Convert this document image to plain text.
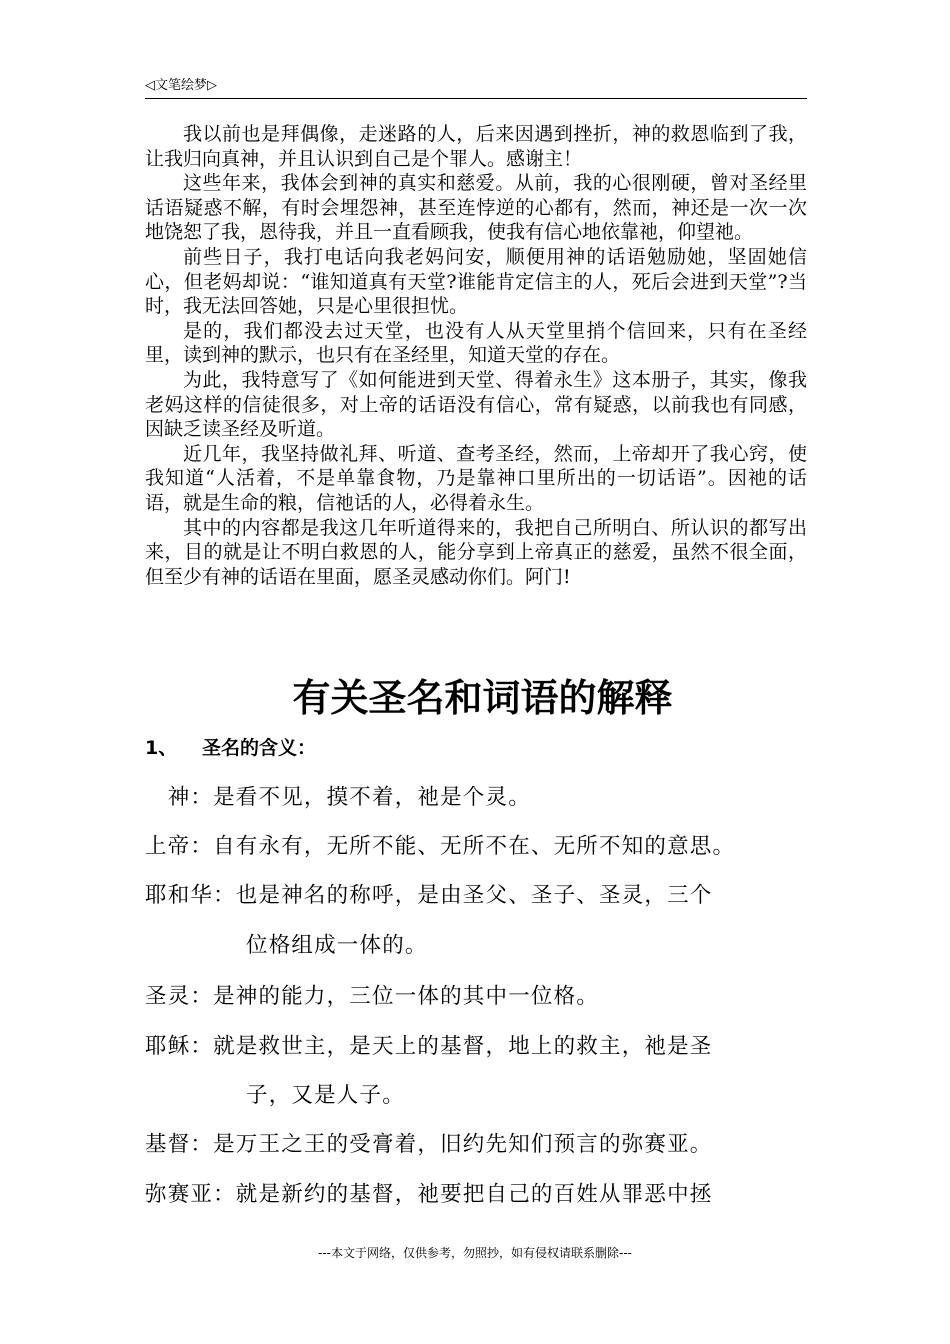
◁文笔绘梦▷

我以前也是拜偶像，走迷路的人，后来因遇到挫折，神的救恩临到了我，让我归向真神，并且认识到自己是个罪人。感谢主！

这些年来，我体会到神的真实和慈爱。从前，我的心很刚硬，曾对圣经里话语疑惑不解，有时会埋怨神，甚至连悖逆的心都有，然而，神还是一次一次地饶恕了我，恩待我，并且一直看顾我，使我有信心地依靠祂，仰望祂。

前些日子，我打电话向我老妈问安，顺便用神的话语勉励她，坚固她信心，但老妈却说：“谁知道真有天堂?谁能肯定信主的人，死后会进到天堂”?当时，我无法回答她，只是心里很担忧。

是的，我们都没去过天堂，也没有人从天堂里捎个信回来，只有在圣经里，读到神的默示，也只有在圣经里，知道天堂的存在。

为此，我特意写了《如何能进到天堂、得着永生》这本册子，其实，像我老妈这样的信徒很多，对上帝的话语没有信心，常有疑惑，以前我也有同感，因缺乏读圣经及听道。

近几年，我坚持做礼拜、听道、查考圣经，然而，上帝却开了我心窍，使我知道“人活着，不是单靠食物，乃是靠神口里所出的一切话语”。因祂的话语，就是生命的粮，信祂话的人，必得着永生。

其中的内容都是我这几年听道得来的，我把自己所明白、所认识的都写出来，目的就是让不明白救恩的人，能分享到上帝真正的慈爱，虽然不很全面，但至少有神的话语在里面，愿圣灵感动你们。阿门!

有关圣名和词语的解释
1、 圣名的含义：
　神：是看不见，摸不着，祂是个灵。
上帝：自有永有，无所不能、无所不在、无所不知的意思。
耶和华：也是神名的称呼，是由圣父、圣子、圣灵，三个
位格组成一体的。
圣灵：是神的能力，三位一体的其中一位格。
耶稣：就是救世主，是天上的基督，地上的救主，祂是圣
子，又是人子。
基督：是万王之王的受膏着，旧约先知们预言的弥赛亚。
弥赛亚：就是新约的基督，祂要把自己的百姓从罪恶中拯
---本文于网络，仅供参考，勿照抄，如有侵权请联系删除---
